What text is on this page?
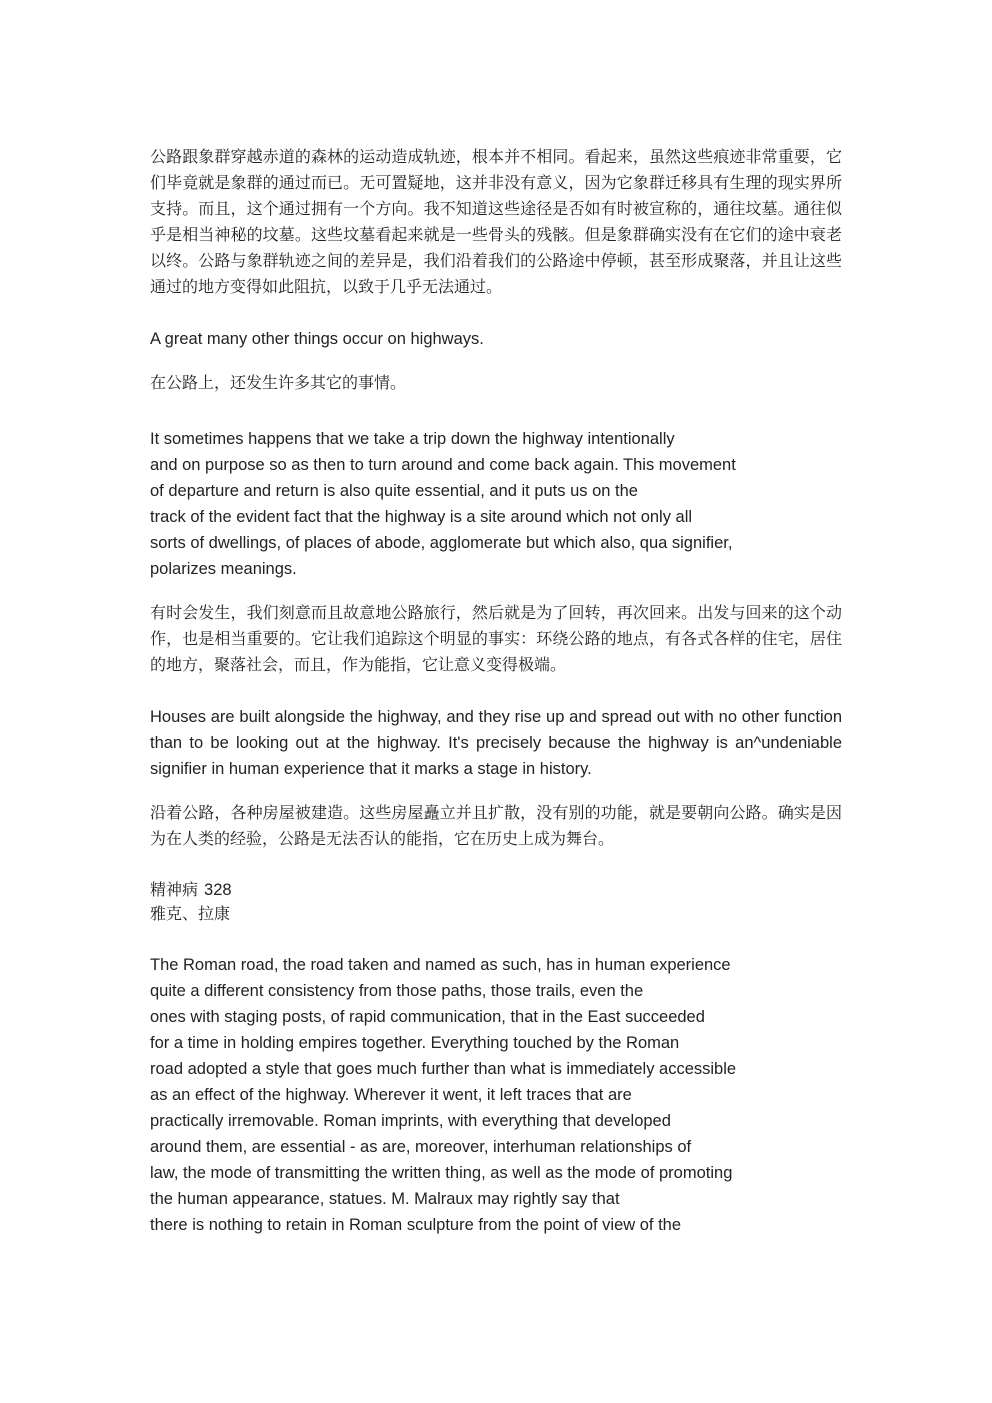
公路跟象群穿越赤道的森林的运动造成轨迹，根本并不相同。看起来，虽然这些痕迹非常重要，它们毕竟就是象群的通过而已。无可置疑地，这并非没有意义，因为它象群迁移具有生理的现实界所支持。而且，这个通过拥有一个方向。我不知道这些途径是否如有时被宣称的，通往坟墓。通往似乎是相当神秘的坟墓。这些坟墓看起来就是一些骨头的残骸。但是象群确实没有在它们的途中衰老以终。公路与象群轨迹之间的差异是，我们沿着我们的公路途中停顿，甚至形成聚落，并且让这些通过的地方变得如此阻抗，以致于几乎无法通过。

A great many other things occur on highways.

在公路上，还发生许多其它的事情。

It sometimes happens that we take a trip down the highway intentionally
and on purpose so as then to turn around and come back again. This movement
of departure and return is also quite essential, and it puts us on the
track of the evident fact that the highway is a site around which not only all
sorts of dwellings, of places of abode, agglomerate but which also, qua signifier,
polarizes meanings.

有时会发生，我们刻意而且故意地公路旅行，然后就是为了回转，再次回来。出发与回来的这个动作，也是相当重要的。它让我们追踪这个明显的事实：环绕公路的地点，有各式各样的住宅，居住的地方，聚落社会，而且，作为能指，它让意义变得极端。

Houses are built alongside the highway, and they rise up and spread out with no other function than to be looking out at the highway. It's precisely because the highway is an^undeniable signifier in human experience that it marks a stage in history.

沿着公路，各种房屋被建造。这些房屋矗立并且扩散，没有别的功能，就是要朝向公路。确实是因为在人类的经验，公路是无法否认的能指，它在历史上成为舞台。

精神病 328
雅克、拉康

The Roman road, the road taken and named as such, has in human experience
quite a different consistency from those paths, those trails, even the
ones with staging posts, of rapid communication, that in the East succeeded
for a time in holding empires together. Everything touched by the Roman
road adopted a style that goes much further than what is immediately accessible
as an effect of the highway. Wherever it went, it left traces that are
practically irremovable. Roman imprints, with everything that developed
around them, are essential - as are, moreover, interhuman relationships of
law, the mode of transmitting the written thing, as well as the mode of promoting
the human appearance, statues. M. Malraux may rightly say that
there is nothing to retain in Roman sculpture from the point of view of the
